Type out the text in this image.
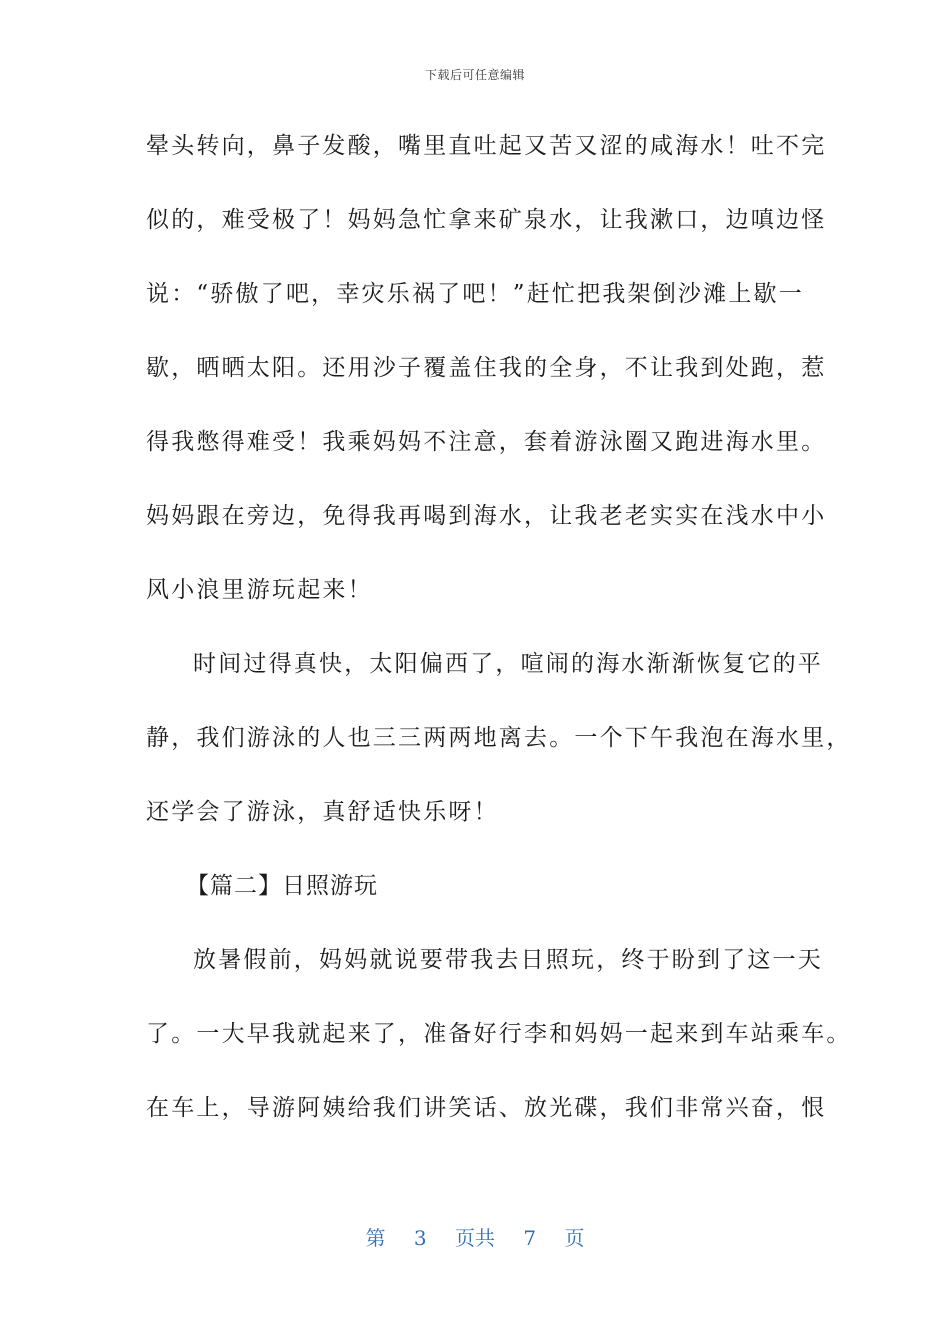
下载后可任意编辑
晕头转向，鼻子发酸，嘴里直吐起又苦又涩的咸海水！吐不完
似的，难受极了！妈妈急忙拿来矿泉水，让我漱口，边嗔边怪
说：“骄傲了吧，幸灾乐祸了吧！”赶忙把我架倒沙滩上歇一
歇，晒晒太阳。还用沙子覆盖住我的全身，不让我到处跑，惹
得我憋得难受！我乘妈妈不注意，套着游泳圈又跑进海水里。
妈妈跟在旁边，免得我再喝到海水，让我老老实实在浅水中小
风小浪里游玩起来！
时间过得真快，太阳偏西了，喧闹的海水渐渐恢复它的平
静，我们游泳的人也三三两两地离去。一个下午我泡在海水里，
还学会了游泳，真舒适快乐呀！
【篇二】日照游玩
放暑假前，妈妈就说要带我去日照玩，终于盼到了这一天
了。一大早我就起来了，准备好行李和妈妈一起来到车站乘车。
在车上，导游阿姨给我们讲笑话、放光碟，我们非常兴奋，恨
第 3 页共 7 页
